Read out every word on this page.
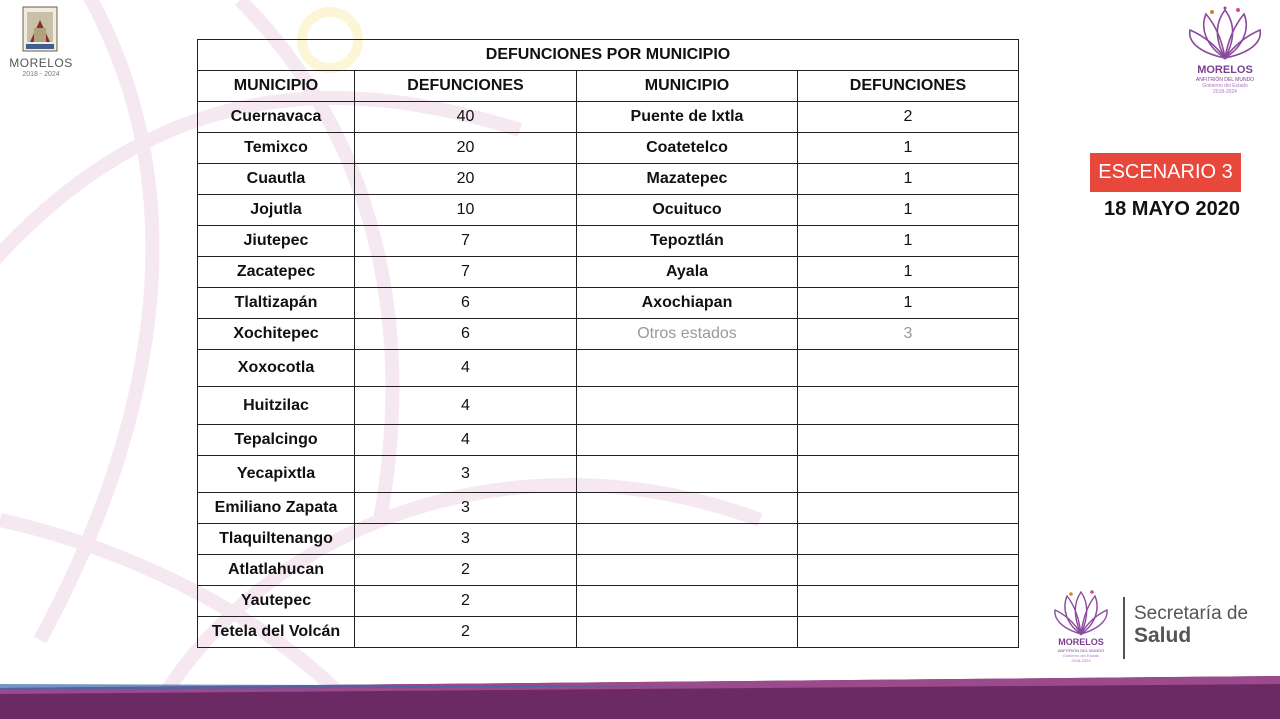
MORELOS
2018 - 2024	MORELOS
ANFITRIÓN DEL MUNDO
Gobierno del Estado
2018-2024
ESCENARIO 3
18 MAYO 2020
DEFUNCIONES POR MUNICIPIO			
MUNICIPIO	DEFUNCIONES	MUNICIPIO	DEFUNCIONES
Cuernavaca	40	Puente de Ixtla	2
Temixco	20	Coatetelco	1
Cuautla	20	Mazatepec	1
Jojutla	10	Ocuituco	1
Jiutepec	7	Tepoztlán	1
Zacatepec	7	Ayala	1
Tlaltizapán	6	Axochiapan	1
Xochitepec	6	Otros estados	3
Xoxocotla	4		
Huitzilac	4		
Tepalcingo	4		
Yecapixtla	3		
Emiliano Zapata	3		
Tlaquiltenango	3		
Atlatlahucan	2		
Yautepec	2		
Tetela del Volcán	2		
MORELOS
ANFITRIÓN DEL MUNDO
Gobierno del Estado
2018-2024
Secretaría de
Salud
